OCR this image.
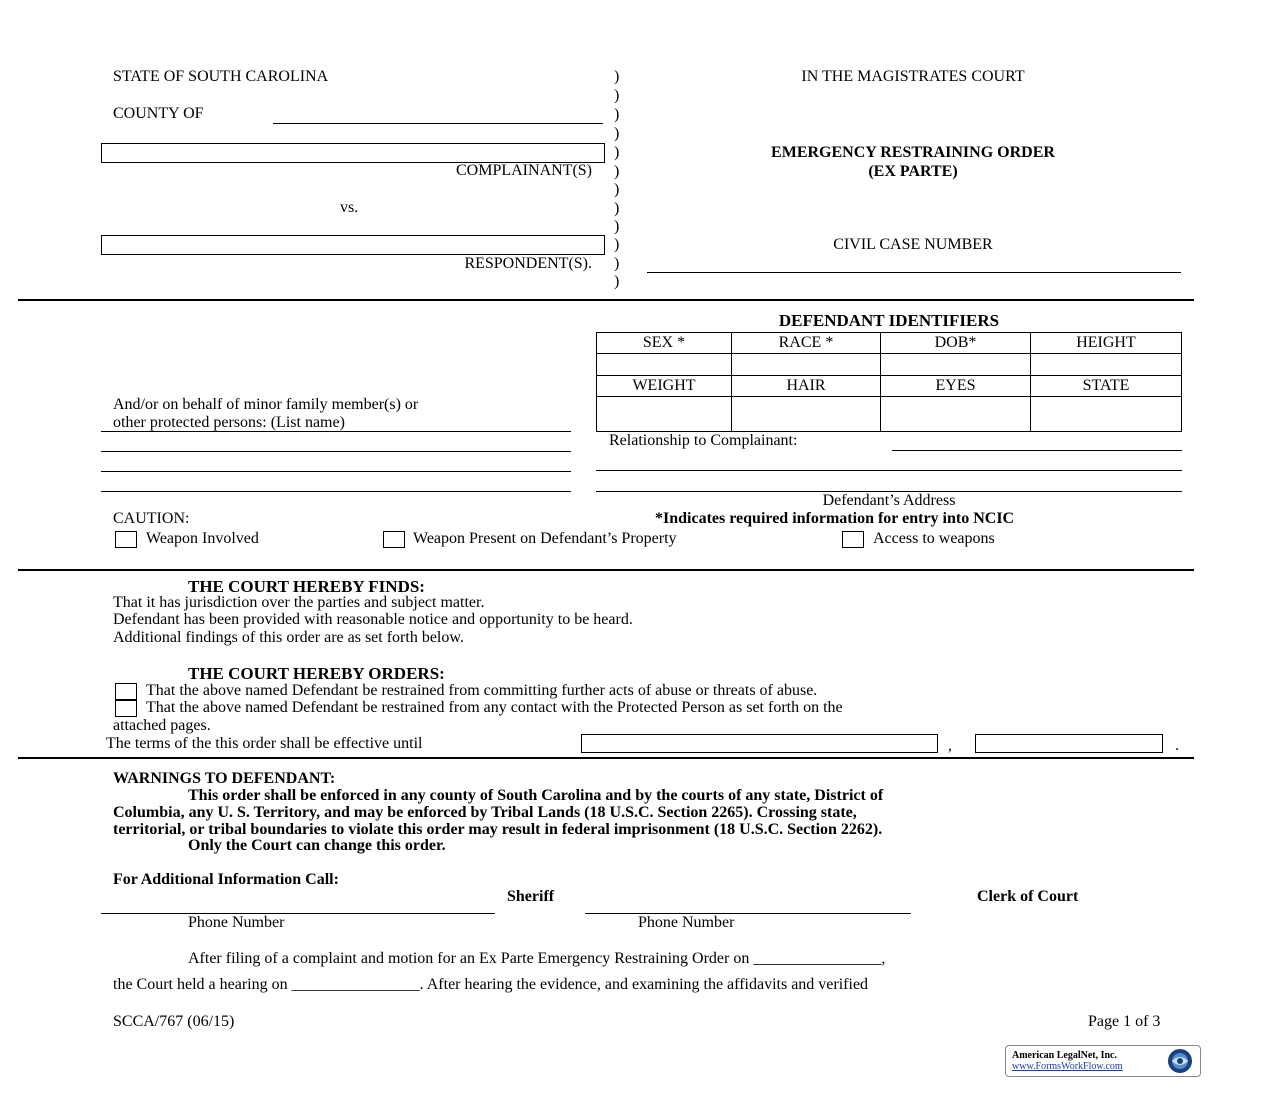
STATE OF SOUTH CAROLINA
COUNTY OF
COMPLAINANT(S)
vs.
RESPONDENT(S).
)
)
)
)
)
)
)
)
)
)
)
)
IN THE MAGISTRATES COURT
EMERGENCY RESTRAINING ORDER
(EX PARTE)
CIVIL CASE NUMBER
DEFENDANT IDENTIFIERS
SEX *	RACE *	DOB*	HEIGHT

WEIGHT	HAIR	EYES	STATE

And/or on behalf of minor family member(s) or
other protected persons: (List name)
Relationship to Complainant:
Defendant’s Address
*Indicates required information for entry into NCIC
CAUTION:
Weapon Involved	Weapon Present on Defendant’s Property	Access to weapons
THE COURT HEREBY FINDS:
That it has jurisdiction over the parties and subject matter.
Defendant has been provided with reasonable notice and opportunity to be heard.
Additional findings of this order are as set forth below.
THE COURT HEREBY ORDERS:
That the above named Defendant be restrained from committing further acts of abuse or threats of abuse.
That the above named Defendant be restrained from any contact with the Protected Person as set forth on the
attached pages.
The terms of the this order shall be effective until	,	.
WARNINGS TO DEFENDANT:
This order shall be enforced in any county of South Carolina and by the courts of any state, District of
Columbia, any U. S. Territory, and may be enforced by Tribal Lands (18 U.S.C. Section 2265). Crossing state,
territorial, or tribal boundaries to violate this order may result in federal imprisonment (18 U.S.C. Section 2262).
Only the Court can change this order.
For Additional Information Call:
Sheriff	Clerk of Court
Phone Number	Phone Number
After filing of a complaint and motion for an Ex Parte Emergency Restraining Order on ________________,
the Court held a hearing on ________________. After hearing the evidence, and examining the affidavits and verified
SCCA/767 (06/15)	Page 1 of 3
American LegalNet, Inc.
www.FormsWorkFlow.com
